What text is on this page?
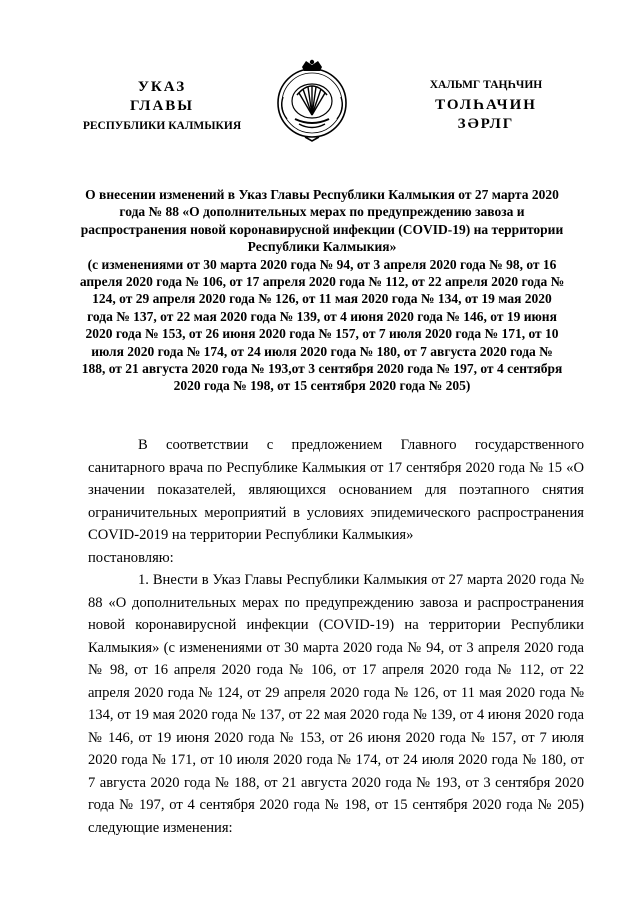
УКАЗ
ГЛАВЫ
РЕСПУБЛИКИ КАЛМЫКИЯ
ХАЛЬМГ ТАҢҺЧИН
ТОЛҺАЧИН
ЗӘРЛГ

О внесении изменений в Указ Главы Республики Калмыкия от 27 марта 2020 года № 88 «О дополнительных мерах по предупреждению завоза и распространения новой коронавирусной инфекции (COVID-19) на территории Республики Калмыкия»

(с изменениями от 30 марта 2020 года № 94, от 3 апреля 2020 года № 98, от 16 апреля 2020 года № 106, от 17 апреля 2020 года № 112, от 22 апреля 2020 года № 124, от 29 апреля 2020 года № 126, от 11 мая 2020 года № 134, от 19 мая 2020 года № 137, от 22 мая 2020 года № 139, от 4 июня 2020 года № 146, от 19 июня 2020 года № 153, от 26 июня 2020 года № 157, от 7 июля 2020 года № 171, от 10 июля 2020 года № 174, от 24 июля 2020 года № 180, от 7 августа 2020 года № 188, от 21 августа 2020 года № 193,от 3 сентября 2020 года № 197, от 4 сентября 2020 года № 198, от 15 сентября 2020 года № 205)

В соответствии с предложением Главного государственного санитарного врача по Республике Калмыкия от 17 сентября 2020 года № 15 «О значении показателей, являющихся основанием для поэтапного снятия ограничительных мероприятий в условиях эпидемического распространения COVID-2019 на территории Республики Калмыкия»

постановляю:

1. Внести в Указ Главы Республики Калмыкия от 27 марта 2020 года № 88 «О дополнительных мерах по предупреждению завоза и распространения новой коронавирусной инфекции (COVID-19) на территории Республики Калмыкия» (с изменениями от 30 марта 2020 года № 94, от 3 апреля 2020 года № 98, от 16 апреля 2020 года № 106, от 17 апреля 2020 года № 112, от 22 апреля 2020 года № 124, от 29 апреля 2020 года № 126, от 11 мая 2020 года № 134, от 19 мая 2020 года № 137, от 22 мая 2020 года № 139, от 4 июня 2020 года № 146, от 19 июня 2020 года № 153, от 26 июня 2020 года № 157, от 7 июля 2020 года № 171, от 10 июля 2020 года № 174, от 24 июля 2020 года № 180, от 7 августа 2020 года № 188, от 21 августа 2020 года № 193, от 3 сентября 2020 года № 197, от 4 сентября 2020 года № 198, от 15 сентября 2020 года № 205) следующие изменения:
